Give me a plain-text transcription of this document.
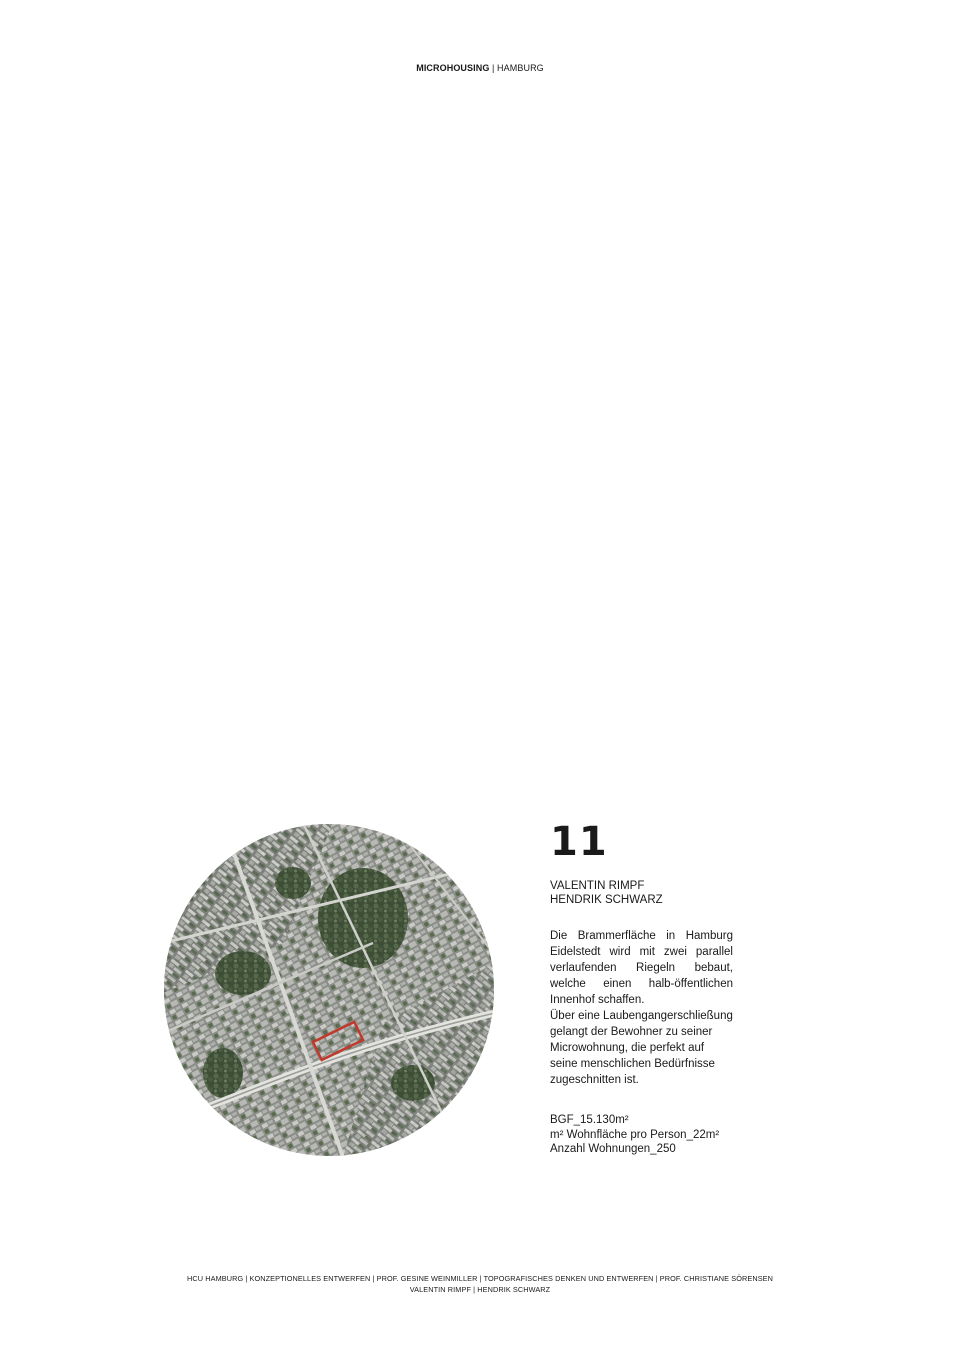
MICROHOUSING | HAMBURG
11
VALENTIN RIMPF
HENDRIK SCHWARZ

Die Brammerfläche in Hamburg Eidelstedt wird mit zwei parallel verlaufenden Riegeln bebaut, welche einen halb-öffentlichen Innenhof schaffen.

Über eine Laubengangerschließung gelangt der Bewohner zu seiner Microwohnung, die perfekt auf seine menschlichen Bedürfnisse zugeschnitten ist.

BGF_15.130m²
m² Wohnfläche pro Person_22m²
Anzahl Wohnungen_250
HCU HAMBURG | KONZEPTIONELLES ENTWERFEN | PROF. GESINE WEINMILLER | TOPOGRAFISCHES DENKEN UND ENTWERFEN | PROF. CHRISTIANE SÖRENSEN
VALENTIN RIMPF | HENDRIK SCHWARZ
